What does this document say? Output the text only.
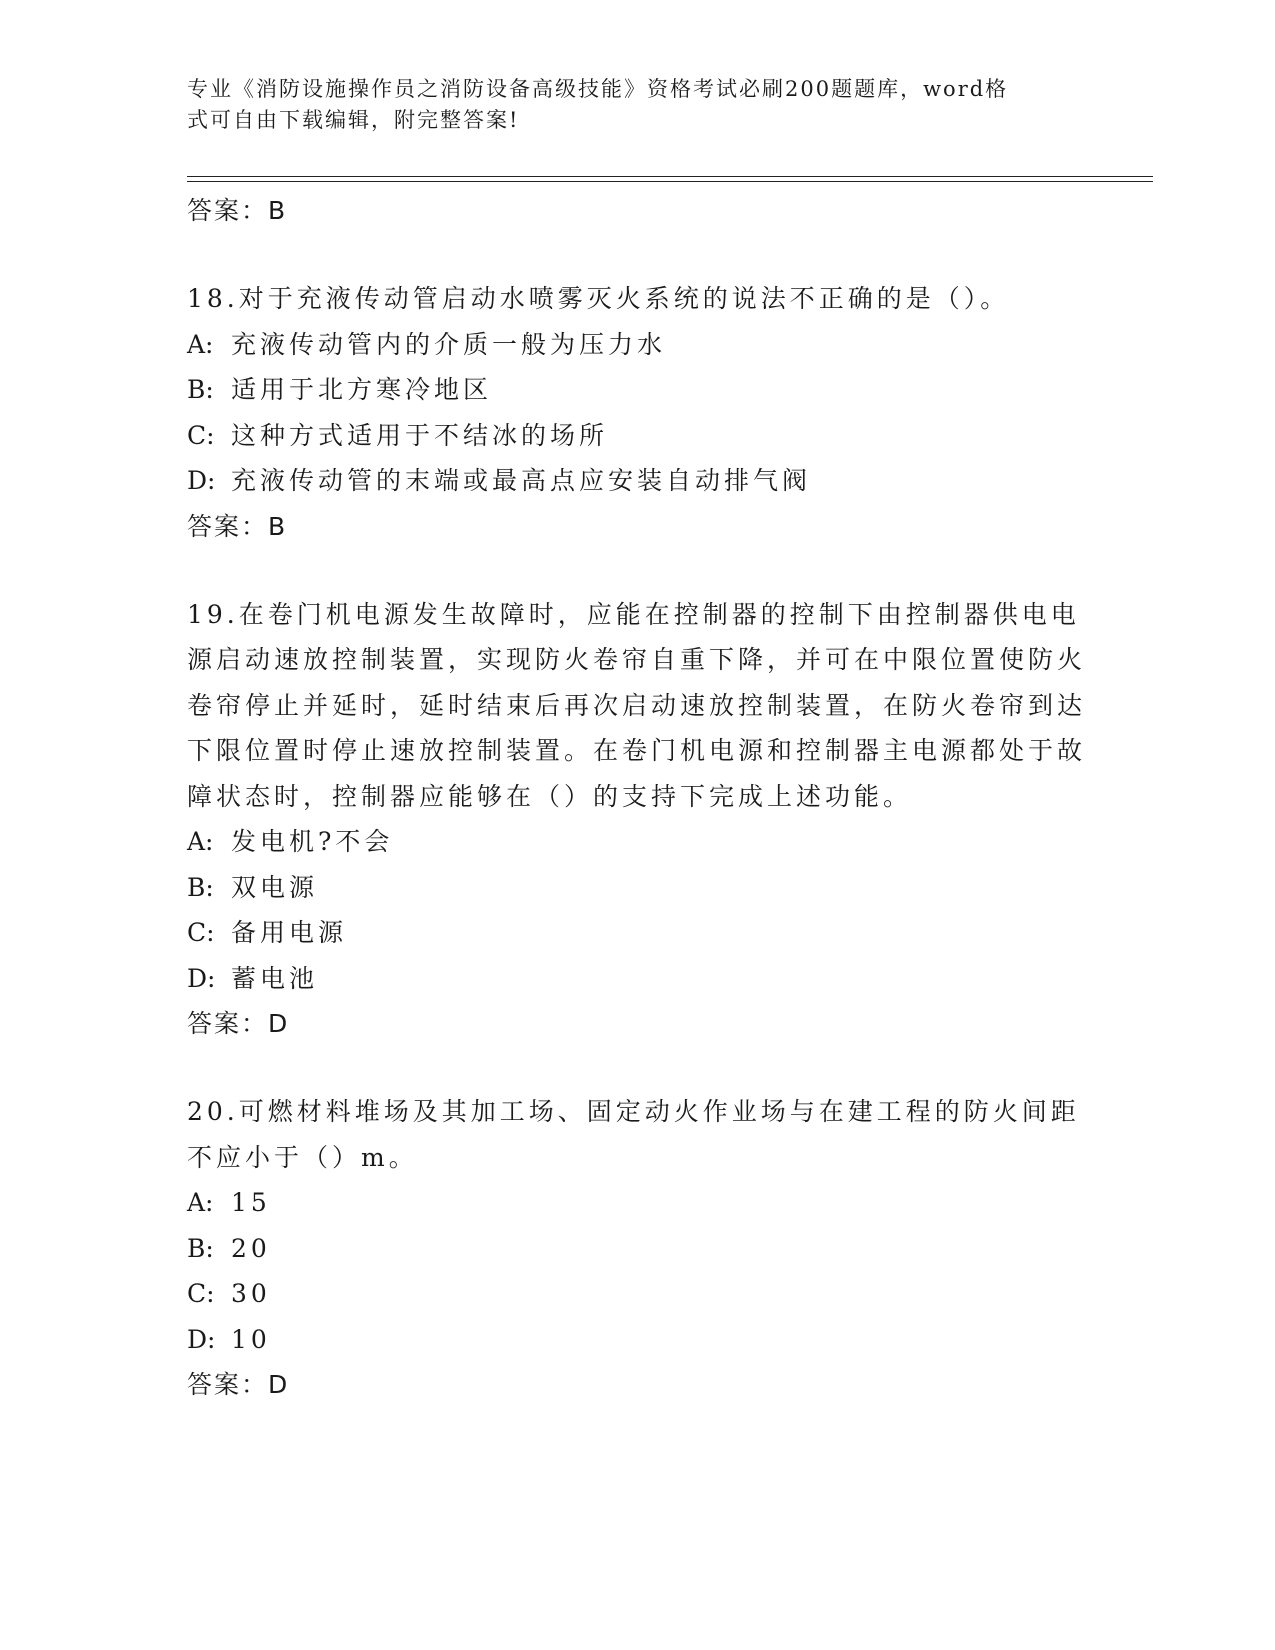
专业《消防设施操作员之消防设备高级技能》资格考试必刷200题题库，word格
式可自由下载编辑，附完整答案!
答案：B
18.对于充液传动管启动水喷雾灭火系统的说法不正确的是（）。
A: 充液传动管内的介质一般为压力水
B: 适用于北方寒冷地区
C: 这种方式适用于不结冰的场所
D: 充液传动管的末端或最高点应安装自动排气阀
答案：B
19.在卷门机电源发生故障时，应能在控制器的控制下由控制器供电电源启动速放控制装置，实现防火卷帘自重下降，并可在中限位置使防火卷帘停止并延时，延时结束后再次启动速放控制装置，在防火卷帘到达下限位置时停止速放控制装置。在卷门机电源和控制器主电源都处于故障状态时，控制器应能够在（）的支持下完成上述功能。
A: 发电机?不会
B: 双电源
C: 备用电源
D: 蓄电池
答案：D
20.可燃材料堆场及其加工场、固定动火作业场与在建工程的防火间距不应小于（）m。
A: 15
B: 20
C: 30
D: 10
答案：D
